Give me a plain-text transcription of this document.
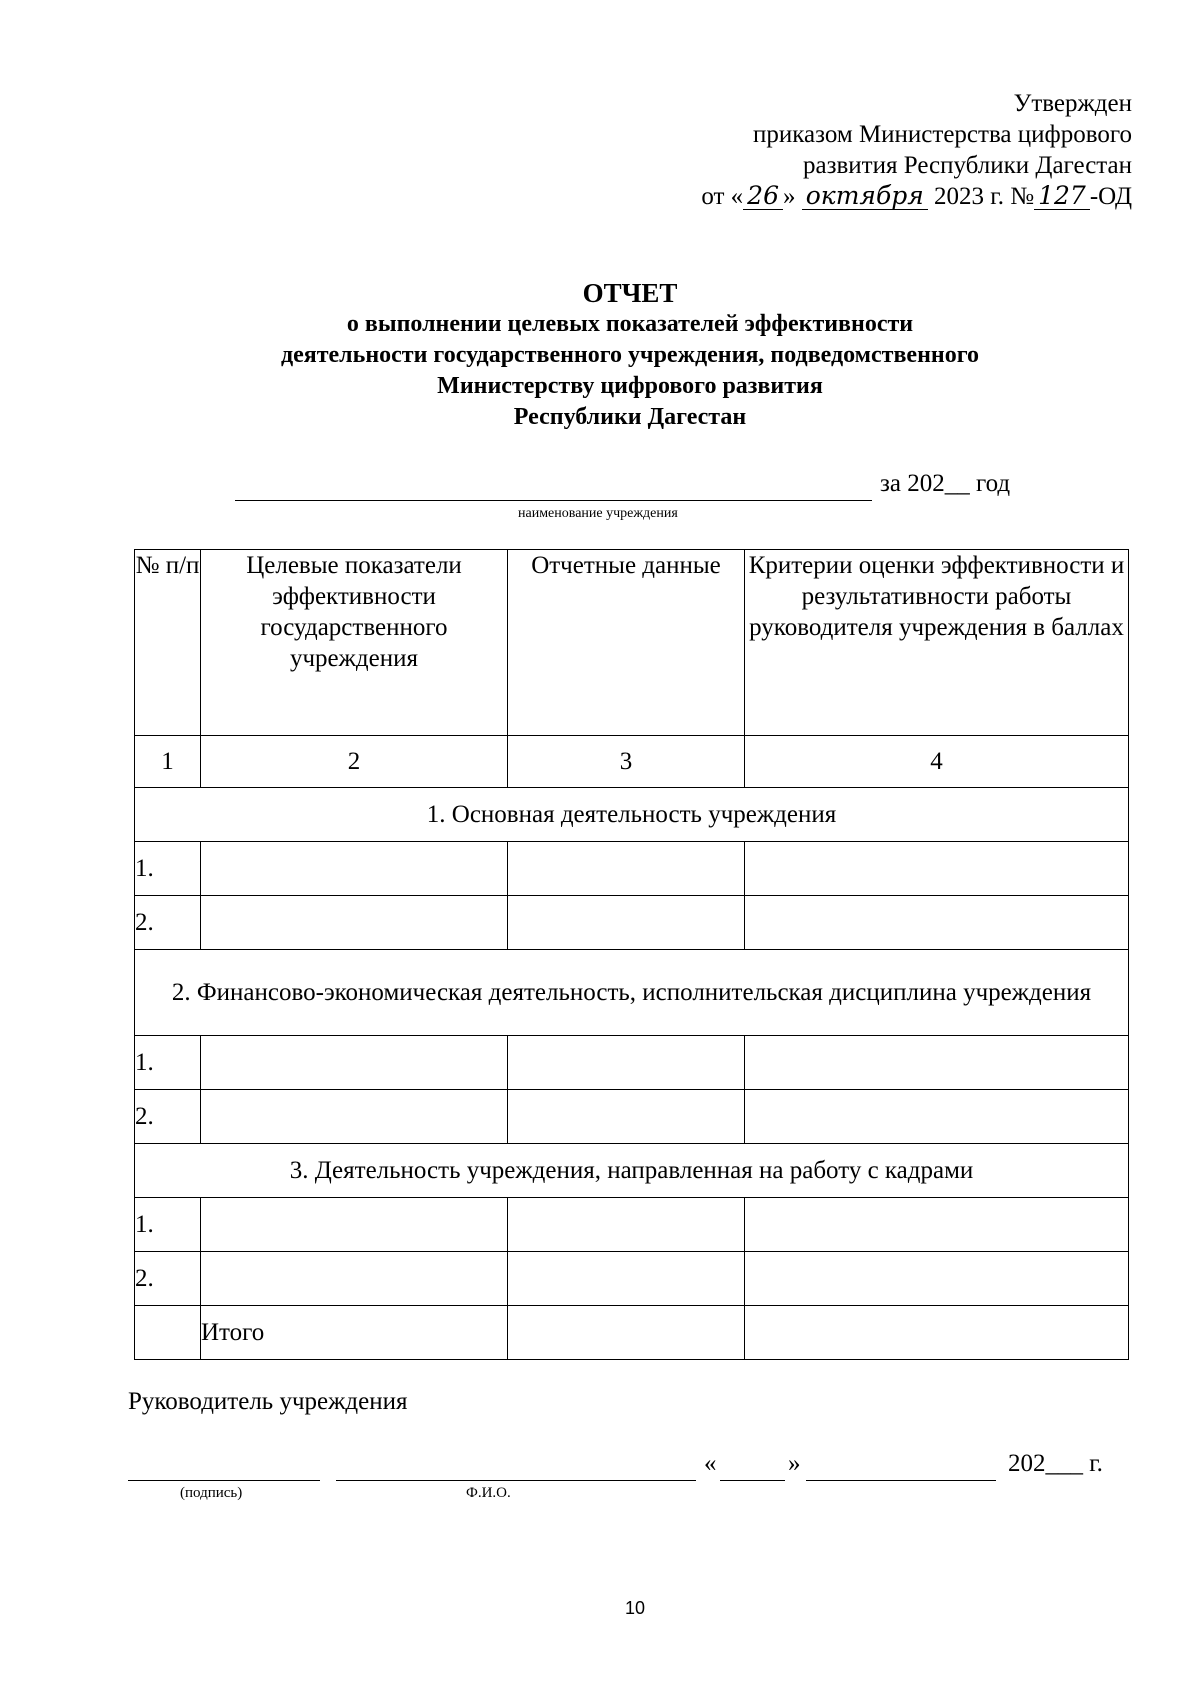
Утвержден
приказом Министерства цифрового
развития Республики Дагестан
от « 26 » октября 2023 г. № 127 -ОД
ОТЧЕТ
о выполнении целевых показателей эффективности
деятельности государственного учреждения, подведомственного
Министерству цифрового развития
Республики Дагестан
за 202__ год
наименование учреждения
№ п/п	Целевые показатели эффективности государственного учреждения	Отчетные данные	Критерии оценки эффективности и результативности работы руководителя учреждения в баллах
1	2	3	4
1. Основная деятельность учреждения			
1.			
2.			
2. Финансово-экономическая деятельность, исполнительская дисциплина учреждения			
1.			
2.			
3. Деятельность учреждения, направленная на работу с кадрами			
1.			
2.			
	Итого		
Руководитель учреждения
«	»	202___ г.
(подпись)	Ф.И.О.
10
